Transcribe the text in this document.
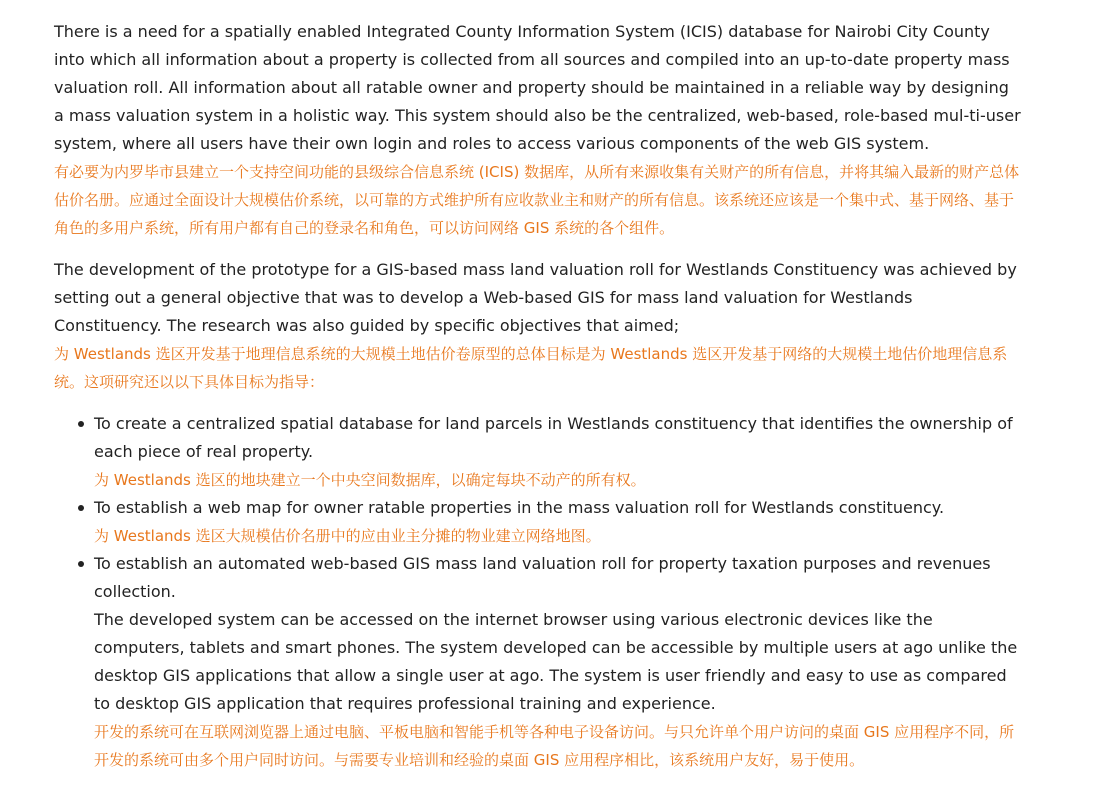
There is a need for a spatially enabled Integrated County Information System (ICIS) database for Nairobi City County into which all information about a property is collected from all sources and compiled into an up-to-date property mass valuation roll. All information about all ratable owner and property should be maintained in a reliable way by designing a mass valuation system in a holistic way. This system should also be the centralized, web-based, role-based mul-ti-user system, where all users have their own login and roles to access various components of the web GIS system.

有必要为内罗毕市县建立一个支持空间功能的县级综合信息系统 (ICIS) 数据库，从所有来源收集有关财产的所有信息，并将其编入最新的财产总体估价名册。应通过全面设计大规模估价系统，以可靠的方式维护所有应收款业主和财产的所有信息。该系统还应该是一个集中式、基于网络、基于角色的多用户系统，所有用户都有自己的登录名和角色，可以访问网络 GIS 系统的各个组件。

The development of the prototype for a GIS-based mass land valuation roll for Westlands Constituency was achieved by setting out a general objective that was to develop a Web-based GIS for mass land valuation for Westlands Constituency. The research was also guided by specific objectives that aimed;

为 Westlands 选区开发基于地理信息系统的大规模土地估价卷原型的总体目标是为 Westlands 选区开发基于网络的大规模土地估价地理信息系统。这项研究还以以下具体目标为指导：

To create a centralized spatial database for land parcels in Westlands constituency that identifies the ownership of each piece of real property.

为 Westlands 选区的地块建立一个中央空间数据库，以确定每块不动产的所有权。

To establish a web map for owner ratable properties in the mass valuation roll for Westlands constituency.

为 Westlands 选区大规模估价名册中的应由业主分摊的物业建立网络地图。

To establish an automated web-based GIS mass land valuation roll for property taxation purposes and revenues collection.

The developed system can be accessed on the internet browser using various electronic devices like the computers, tablets and smart phones. The system developed can be accessible by multiple users at ago unlike the desktop GIS applications that allow a single user at ago. The system is user friendly and easy to use as compared to desktop GIS application that requires professional training and experience.

开发的系统可在互联网浏览器上通过电脑、平板电脑和智能手机等各种电子设备访问。与只允许单个用户访问的桌面 GIS 应用程序不同，所开发的系统可由多个用户同时访问。与需要专业培训和经验的桌面 GIS 应用程序相比，该系统用户友好，易于使用。
